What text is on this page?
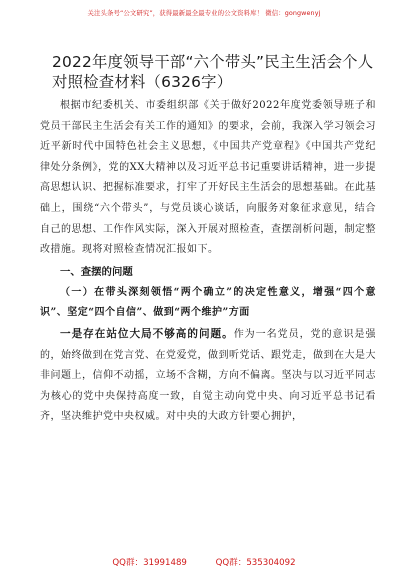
关注头条号“公文研究”，获得最新最全最专业的公文资料库！ 微信：gongwenyj
2022年度领导干部“六个带头”民主生活会个人对照检查材料（6326字）

根据市纪委机关、市委组织部《关于做好2022年度党委领导班子和党员干部民主生活会有关工作的通知》的要求，会前，我深入学习领会习近平新时代中国特色社会主义思想，《中国共产党章程》《中国共产党纪律处分条例》，党的XX大精神以及习近平总书记重要讲话精神，进一步提高思想认识、把握标准要求，打牢了开好民主生活会的思想基础。在此基础上，围绕“六个带头”，与党员谈心谈话，向服务对象征求意见，结合自己的思想、工作作风实际，深入开展对照检查，查摆剖析问题，制定整改措施。现将对照检查情况汇报如下。

一、查摆的问题

（一）在带头深刻领悟“两个确立”的决定性意义，增强“四个意识”、坚定“四个自信”、做到“两个维护”方面

一是存在站位大局不够高的问题。作为一名党员，党的意识是强的，始终做到在党言党、在党爱党，做到听党话、跟党走，做到在大是大非问题上，信仰不动摇，立场不含糊，方向不偏离。坚决与以习近平同志为核心的党中央保持高度一致，自觉主动向党中央、向习近平总书记看齐，坚决维护党中央权威。对中央的大政方针要心拥护，

QQ群：31991489	QQ群：535304092
